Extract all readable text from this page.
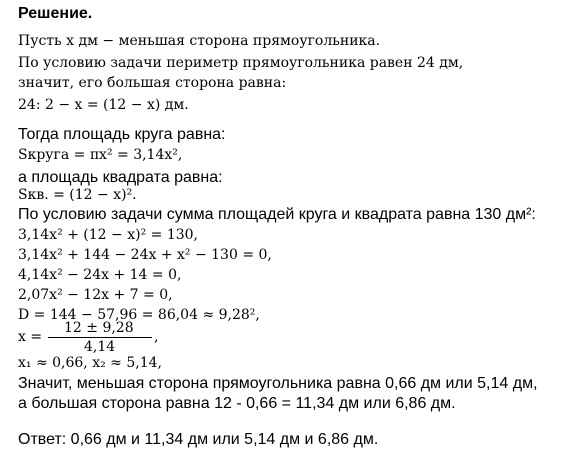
Решение.
Пусть x дм − меньшая сторона прямоугольника.
По условию задачи периметр прямоугольника равен 24 дм,
значит, его большая сторона равна:
24: 2 − x = (12 − x) дм.
Тогда площадь круга равна:
Sкруга = πx² = 3,14x²,
а площадь квадрата равна:
Sкв. = (12 − x)².
По условию задачи сумма площадей круга и квадрата равна 130 дм²:
3,14x² + (12 − x)² = 130,
3,14x² + 144 − 24x + x² − 130 = 0,
4,14x² − 24x + 14 = 0,
2,07x² − 12x + 7 = 0,
D = 144 − 57,96 = 86,04 ≈ 9,28²,
x =
12 ± 9,28
4,14
,
x₁ ≈ 0,66, x₂ ≈ 5,14,
Значит, меньшая сторона прямоугольника равна 0,66 дм или 5,14 дм,
а большая сторона равна 12 - 0,66 = 11,34 дм или 6,86 дм.
Ответ: 0,66 дм и 11,34 дм или 5,14 дм и 6,86 дм.
